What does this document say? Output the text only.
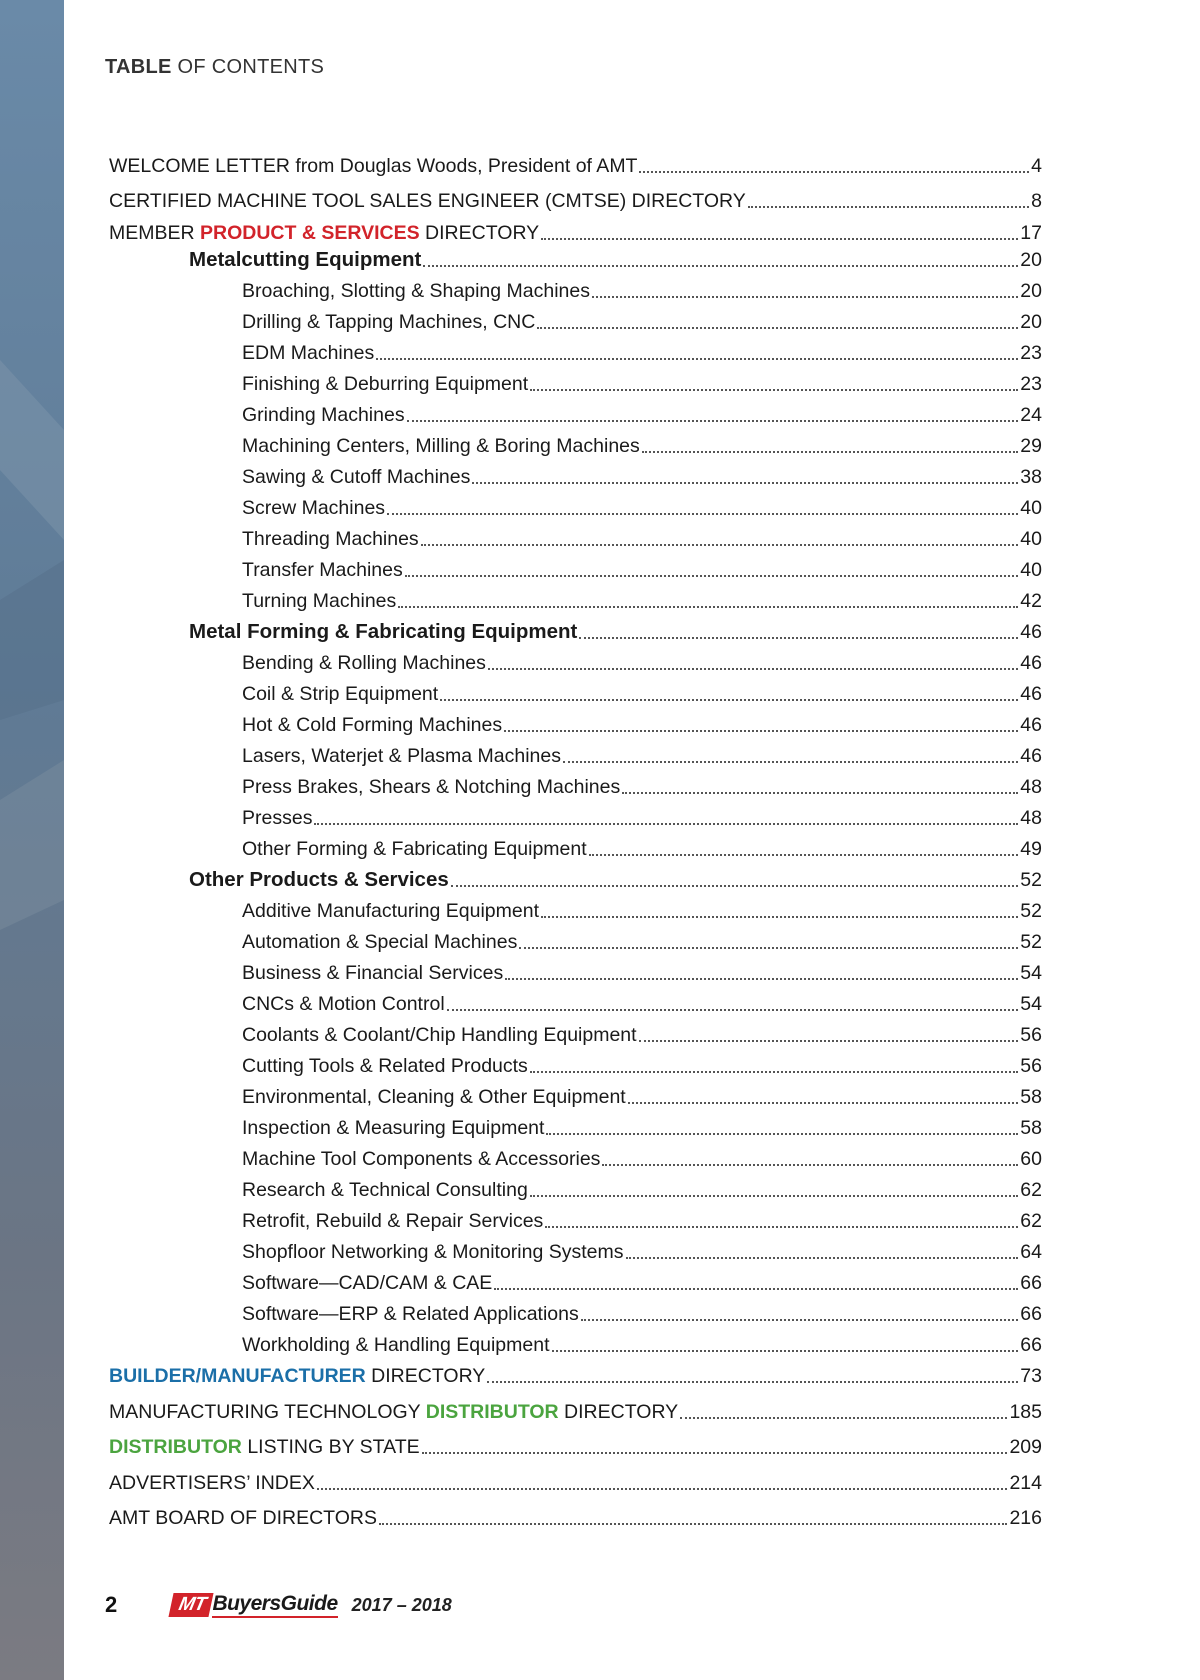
TABLE OF CONTENTS
WELCOME LETTER from Douglas Woods, President of AMT	4
CERTIFIED MACHINE TOOL SALES ENGINEER (CMTSE) DIRECTORY	8
MEMBER PRODUCT & SERVICES DIRECTORY	17
Metalcutting Equipment	20
Broaching, Slotting & Shaping Machines	20
Drilling & Tapping Machines, CNC	20
EDM Machines	23
Finishing & Deburring Equipment	23
Grinding Machines	24
Machining Centers, Milling & Boring Machines	29
Sawing & Cutoff Machines	38
Screw Machines	40
Threading Machines	40
Transfer Machines	40
Turning Machines	42
Metal Forming & Fabricating Equipment	46
Bending & Rolling Machines	46
Coil & Strip Equipment	46
Hot & Cold Forming Machines	46
Lasers, Waterjet & Plasma Machines	46
Press Brakes, Shears & Notching Machines	48
Presses	48
Other Forming & Fabricating Equipment	49
Other Products & Services	52
Additive Manufacturing Equipment	52
Automation & Special Machines	52
Business & Financial Services	54
CNCs & Motion Control	54
Coolants & Coolant/Chip Handling Equipment	56
Cutting Tools & Related Products	56
Environmental, Cleaning & Other Equipment	58
Inspection & Measuring Equipment	58
Machine Tool Components & Accessories	60
Research & Technical Consulting	62
Retrofit, Rebuild & Repair Services	62
Shopfloor Networking & Monitoring Systems	64
Software—CAD/CAM & CAE	66
Software—ERP & Related Applications	66
Workholding & Handling Equipment	66
BUILDER/MANUFACTURER DIRECTORY	73
MANUFACTURING TECHNOLOGY DISTRIBUTOR DIRECTORY	185
DISTRIBUTOR LISTING BY STATE	209
ADVERTISERS’ INDEX	214
AMT BOARD OF DIRECTORS	216
2	MT BuyersGuide 2017 – 2018
